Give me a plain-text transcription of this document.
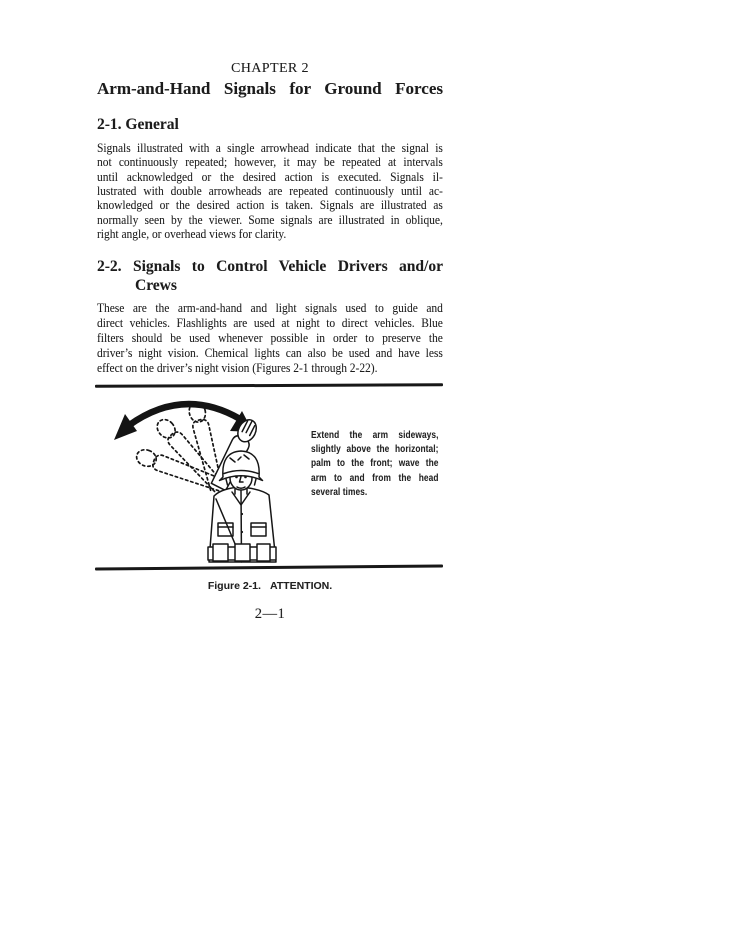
CHAPTER 2
Arm-and-Hand Signals for Ground Forces
2-1. General
Signals illustrated with a single arrowhead indicate that the signal is
not continuously repeated; however, it may be repeated at intervals
until acknowledged or the desired action is executed. Signals il-
lustrated with double arrowheads are repeated continuously until ac-
knowledged or the desired action is taken. Signals are illustrated as
normally seen by the viewer. Some signals are illustrated in oblique,
right angle, or overhead views for clarity.
2-2. Signals to Control Vehicle Drivers and/or
Crews
These are the arm-and-hand and light signals used to guide and
direct vehicles. Flashlights are used at night to direct vehicles. Blue
filters should be used whenever possible in order to preserve the
driver’s night vision. Chemical lights can also be used and have less
effect on the driver’s night vision (Figures 2-1 through 2-22).
Extend the arm sideways,
slightly above the horizontal;
palm to the front; wave the
arm to and from the head
several times.
Figure 2-1. ATTENTION.
2—1
